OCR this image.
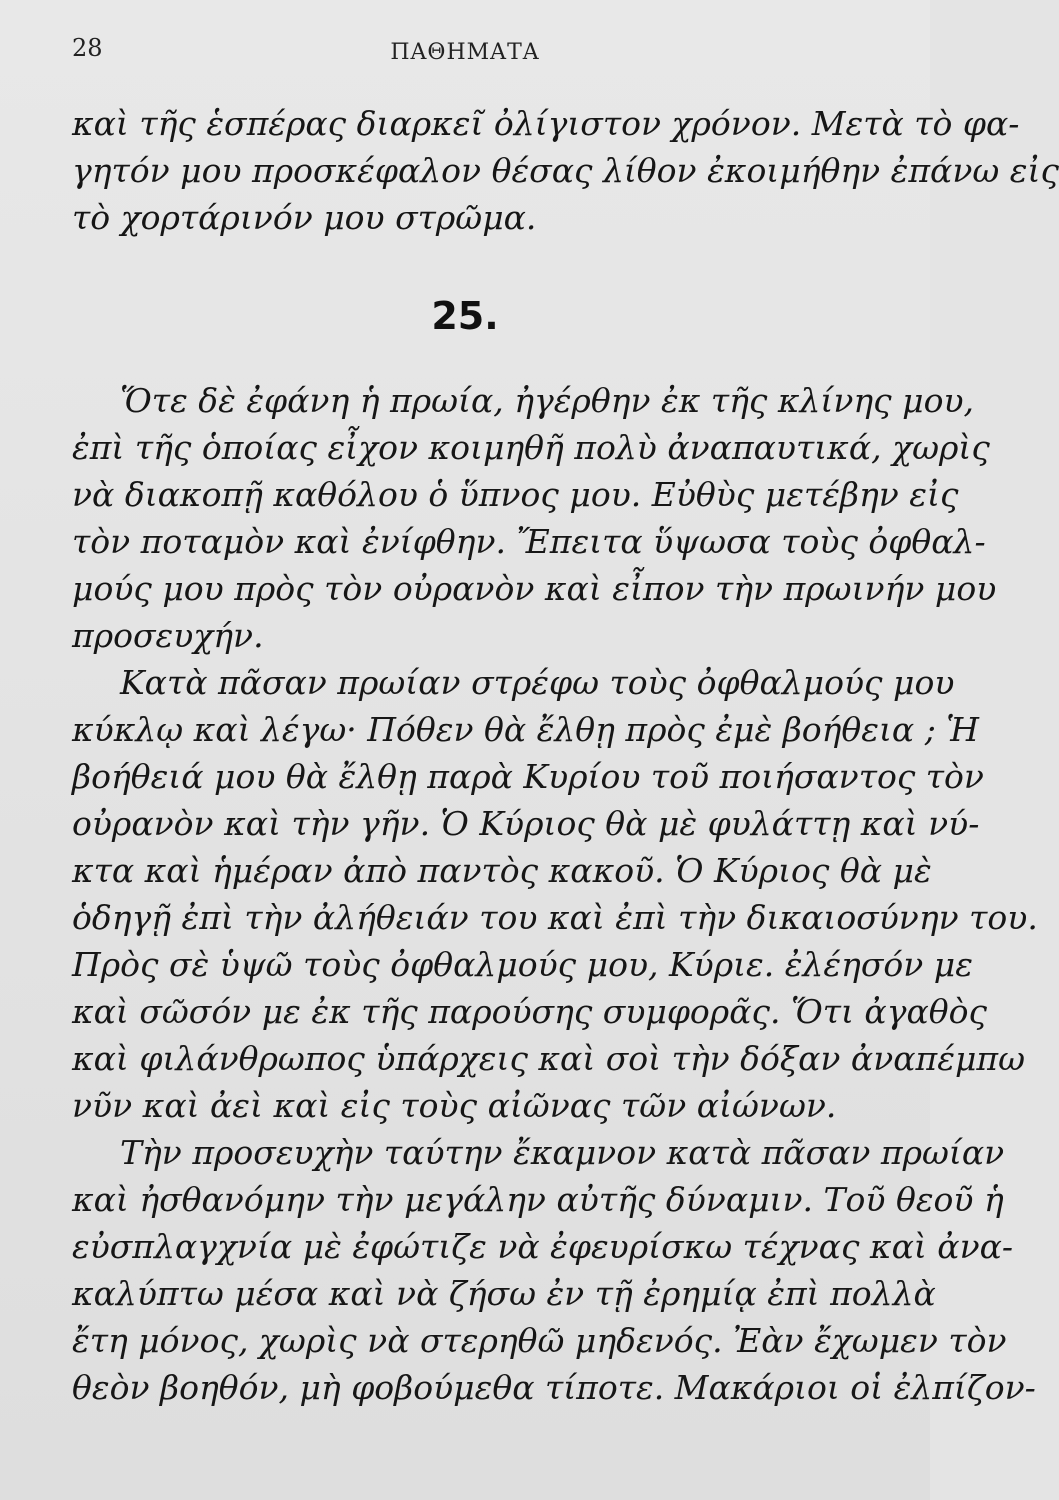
28	ΠΑΘΗΜΑΤΑ
καὶ τῆς ἑσπέρας διαρκεῖ ὀλίγιστον χρόνον. Μετὰ τὸ φα-
γητόν μου προσκέφαλον θέσας λίθον ἐκοιμήθην ἐπάνω εἰς
τὸ χορτάρινόν μου στρῶμα.
25.
Ὅτε δὲ ἐφάνη ἡ πρωία, ἠγέρθην ἐκ τῆς κλίνης μου,
ἐπὶ τῆς ὁποίας εἶχον κοιμηθῆ πολὺ ἀναπαυτικά, χωρὶς
νὰ διακοπῇ καθόλου ὁ ὕπνος μου. Εὐθὺς μετέβην εἰς
τὸν ποταμὸν καὶ ἐνίφθην. Ἔπειτα ὕψωσα τοὺς ὀφθαλ-
μούς μου πρὸς τὸν οὐρανὸν καὶ εἶπον τὴν πρωινήν μου
προσευχήν.
Κατὰ πᾶσαν πρωίαν στρέφω τοὺς ὀφθαλμούς μου
κύκλῳ καὶ λέγω· Πόθεν θὰ ἔλθῃ πρὸς ἐμὲ βοήθεια ; Ἡ
βοήθειά μου θὰ ἔλθῃ παρὰ Κυρίου τοῦ ποιήσαντος τὸν
οὐρανὸν καὶ τὴν γῆν. Ὁ Κύριος θὰ μὲ φυλάττῃ καὶ νύ-
κτα καὶ ἡμέραν ἀπὸ παντὸς κακοῦ. Ὁ Κύριος θὰ μὲ
ὁδηγῇ ἐπὶ τὴν ἀλήθειάν του καὶ ἐπὶ τὴν δικαιοσύνην του.
Πρὸς σὲ ὑψῶ τοὺς ὀφθαλμούς μου, Κύριε. ἐλέησόν με
καὶ σῶσόν με ἐκ τῆς παρούσης συμφορᾶς. Ὅτι ἀγαθὸς
καὶ φιλάνθρωπος ὑπάρχεις καὶ σοὶ τὴν δόξαν ἀναπέμπω
νῦν καὶ ἀεὶ καὶ εἰς τοὺς αἰῶνας τῶν αἰώνων.
Τὴν προσευχὴν ταύτην ἔκαμνον κατὰ πᾶσαν πρωίαν
καὶ ἠσθανόμην τὴν μεγάλην αὐτῆς δύναμιν. Τοῦ θεοῦ ἡ
εὐσπλαγχνία μὲ ἐφώτιζε νὰ ἐφευρίσκω τέχνας καὶ ἀνα-
καλύπτω μέσα καὶ νὰ ζήσω ἐν τῇ ἐρημίᾳ ἐπὶ πολλὰ
ἔτη μόνος, χωρὶς νὰ στερηθῶ μηδενός. Ἐὰν ἔχωμεν τὸν
θεὸν βοηθόν, μὴ φοβούμεθα τίποτε. Μακάριοι οἱ ἐλπίζον-
